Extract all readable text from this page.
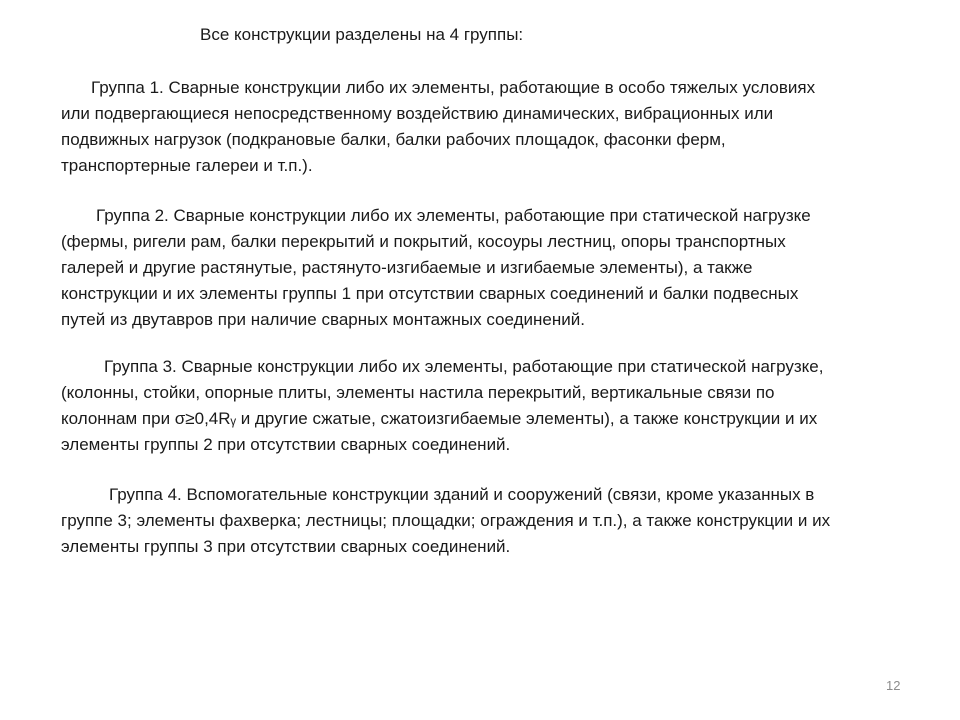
Все конструкции разделены на 4 группы:
Группа 1. Сварные конструкции либо их элементы, работающие в особо тяжелых условиях
или подвергающиеся непосредственному воздействию динамических, вибрационных или
подвижных нагрузок (подкрановые балки, балки рабочих площадок, фасонки ферм,
транспортерные галереи и т.п.).
Группа 2. Сварные конструкции либо их элементы, работающие при статической нагрузке
(фермы, ригели рам, балки перекрытий и покрытий, косоуры лестниц, опоры транспортных
галерей и другие растянутые, растянуто-изгибаемые и изгибаемые элементы), а также
конструкции и их элементы группы 1 при отсутствии сварных соединений и балки подвесных
путей из двутавров при наличие сварных монтажных соединений.
Группа 3. Сварные конструкции либо их элементы, работающие при статической нагрузке,
(колонны, стойки, опорные плиты, элементы настила перекрытий, вертикальные связи по
колоннам при σ≥0,4Rᵧ и другие сжатые, сжатоизгибаемые элементы), а также конструкции и их
элементы группы 2 при отсутствии сварных соединений.
Группа 4. Вспомогательные конструкции зданий и сооружений (связи, кроме указанных в
группе 3; элементы фахверка; лестницы; площадки; ограждения и т.п.), а также конструкции и их
элементы группы 3 при отсутствии сварных соединений.
12
